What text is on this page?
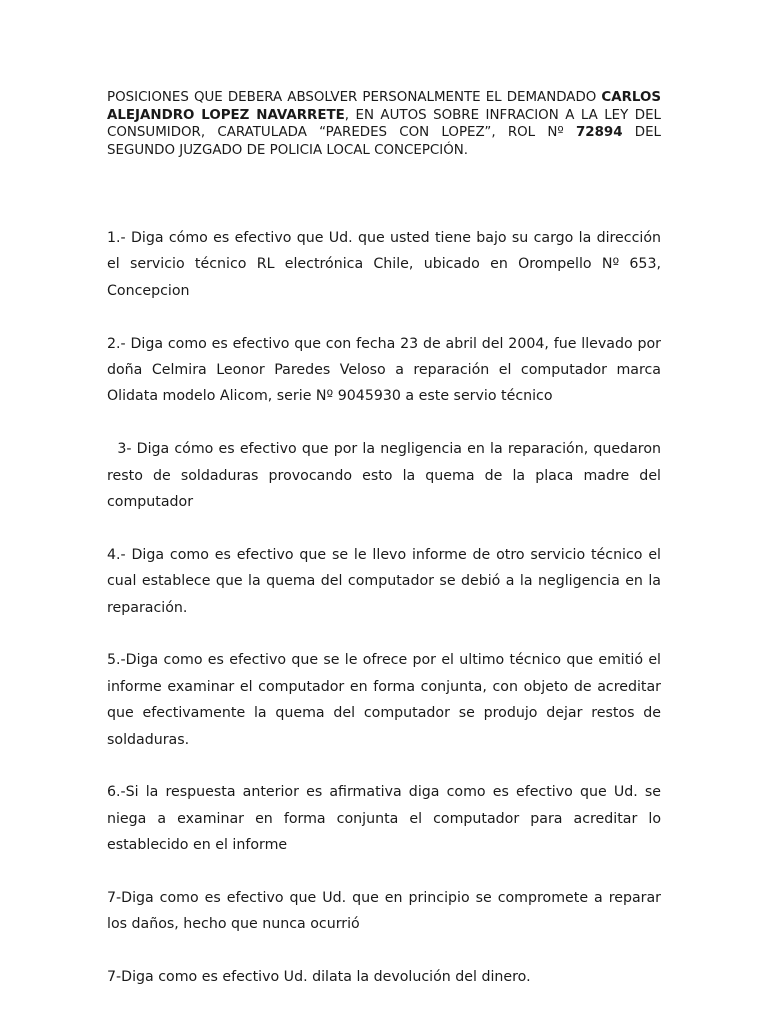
POSICIONES QUE DEBERA ABSOLVER PERSONALMENTE EL DEMANDADO CARLOS ALEJANDRO LOPEZ NAVARRETE, EN AUTOS SOBRE INFRACION A LA LEY DEL CONSUMIDOR, CARATULADA “PAREDES CON LOPEZ”, ROL Nº 72894 DEL SEGUNDO JUZGADO DE POLICIA LOCAL CONCEPCIÓN.

1.- Diga cómo es efectivo que Ud. que usted tiene bajo su cargo la dirección el servicio técnico RL electrónica Chile, ubicado en Orompello Nº 653, Concepcion
2.- Diga como es efectivo que con fecha 23 de abril del 2004, fue llevado por doña Celmira Leonor Paredes Veloso a reparación el computador marca Olidata modelo Alicom, serie Nº 9045930 a este servio técnico
3- Diga cómo es efectivo que por la negligencia en la reparación, quedaron resto de soldaduras provocando esto la quema de la placa madre del computador
4.- Diga como es efectivo que se le llevo informe de otro servicio técnico el cual establece que la quema del computador se debió a la negligencia en la reparación.
5.-Diga como es efectivo que se le ofrece por el ultimo técnico que emitió el informe examinar el computador en forma conjunta, con objeto de acreditar que efectivamente la quema del computador se produjo dejar restos de soldaduras.
6.-Si la respuesta anterior es afirmativa diga como es efectivo que Ud. se niega a examinar en forma conjunta el computador para acreditar lo establecido en el informe
7-Diga como es efectivo que Ud. que en principio se compromete a reparar los daños, hecho que nunca ocurrió
7-Diga como es efectivo Ud. dilata la devolución del dinero.
